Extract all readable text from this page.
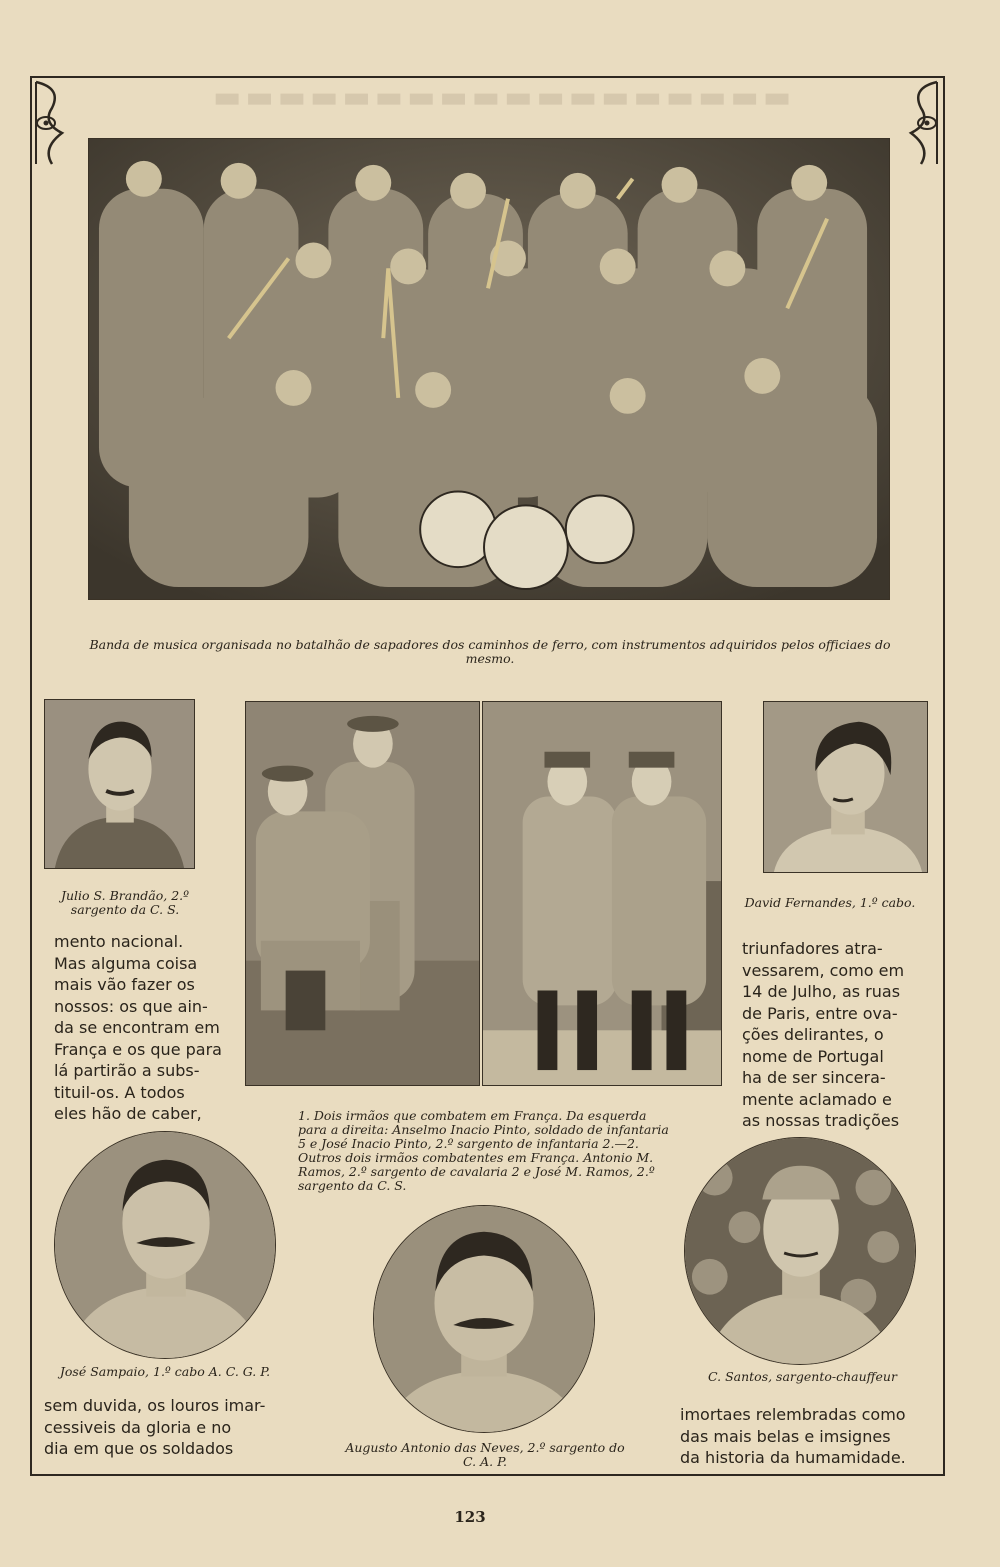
▬▬▬▬▬▬▬▬▬▬▬▬▬▬▬▬▬▬
Banda de musica organisada no batalhão de sapadores dos caminhos de ferro, com instrumentos adquiridos pelos officiaes do mesmo.
Julio S. Brandão, 2.º sargento da C. S.	David Fernandes, 1.º cabo.
mento nacional.
Mas alguma coisa
mais vão fazer os
nossos: os que ain-
da se encontram em
França e os que para
lá partirão a subs-
tituil-os. A todos
eles hão de caber,
triunfadores atra-
vessarem, como em
14 de Julho, as ruas
de Paris, entre ova-
ções delirantes, o
nome de Portugal
ha de ser sincera-
mente aclamado e
as nossas tradições
1. Dois irmãos que combatem em França. Da esquerda para a direita: Anselmo Inacio Pinto, soldado de infantaria 5 e José Inacio Pinto, 2.º sargento de infantaria 2.—2. Outros dois irmãos combatentes em França. Antonio M. Ramos, 2.º sargento de cavalaria 2 e José M. Ramos, 2.º sargento da C. S.
José Sampaio, 1.º cabo A. C. G. P.
Augusto Antonio das Neves, 2.º sargento do C. A. P.
C. Santos, sargento-chauffeur
sem duvida, os louros imar-
cessiveis da gloria e no
dia em que os soldados
imortaes relembradas como
das mais belas e imsignes
da historia da humamidade.
123
